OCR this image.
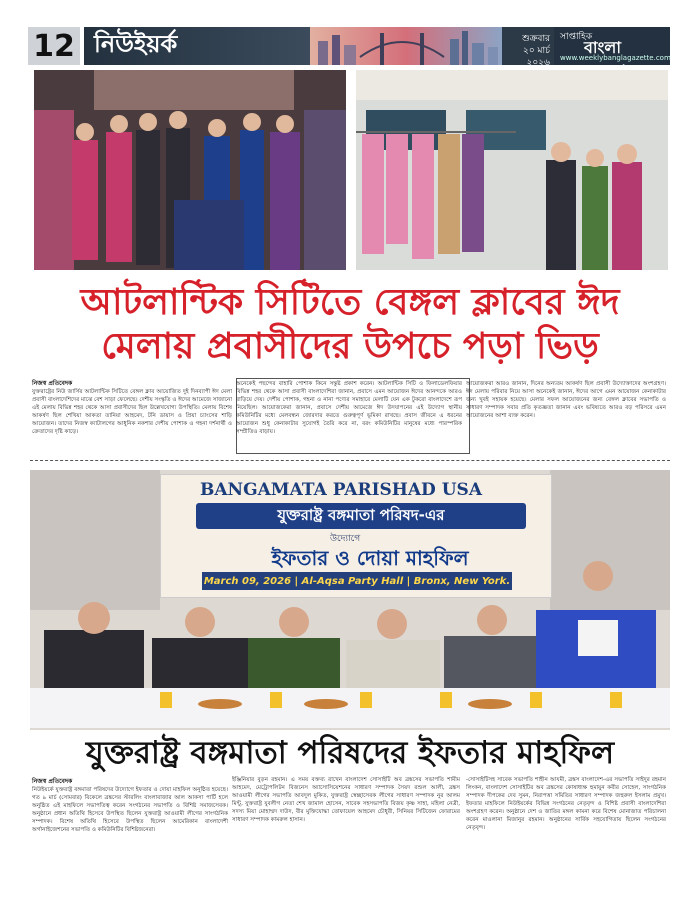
12 নিউইয়র্ক	শুক্রবার
২০ মার্চ ২০২৬
সাপ্তাহিক
বাংলা
www.weeklybanglagazette.com
আটলান্টিক সিটিতে বেঙ্গল ক্লাবের ঈদ
মেলায় প্রবাসীদের উপচে পড়া ভিড়
নিজস্ব প্রতিবেদক
যুক্তরাষ্ট্রের নিউ জার্সির আটলান্টিক সিটিতে বেঙ্গল ক্লাব আয়োজিত দুই দিনব্যাপী ঈদ মেলা প্রবাসী বাংলাদেশিদের মাঝে বেশ সাড়া ফেলেছে। দেশীয় সংস্কৃতি ও ঈদের আমেজে সাজানো এই মেলায় বিভিন্ন শহর থেকে আসা প্রবাসীদের ছিল উল্লেখযোগ্য উপস্থিতি। মেলায় বিশেষ আকর্ষণ ছিল শেখিয়া আকতা তানিয়া আহমেদ, টনি ডায়াস ও প্রিয়া চ্যাংসের শাড়ি আয়োজন। তাদের নিজস্ব ক্যাটালগের আধুনিক নকশার দেশীয় পোশাক ও গহনা দর্শনার্থী ও ক্রেতাদের দৃষ্টি কাড়ে।
অনেকেই পছন্দের বাহারি পোশাক কিনে সন্তুষ্ট প্রকাশ করেন। আটলান্টিক সিটি ও ফিলাডেলফিয়ার বিভিন্ন শহর থেকে আসা প্রবাসী বাংলাদেশিরা জানান, প্রবাসে এমন আয়োজন ঈদের আনন্দকে আরও বাড়িয়ে দেয়। দেশীয় পোশাক, গহনা ও নানা পণ্যের সমাহারে মেলাটি যেন এক টুকরো বাংলাদেশে রূপ নিয়েছিল। আয়োজকেরা জানান, প্রবাসে দেশীয় আমেজে ঈদ উদযাপনের এই উদ্যোগ স্থানীয় কমিউনিটির মধ্যে মেলবন্ধন জোরদার করতে গুরুত্বপূর্ণ ভূমিকা রাখছে। প্রবাস জীবনে এ ধরনের আয়োজন শুধু কেনাকাটার সুযোগই তৈরি করে না, বরং কমিউনিটির মানুষের মধ্যে পারস্পরিক সম্প্রীতিও বাড়ায়।
আয়োজকরা আরও জানান, দিনের অন্যতম আকর্ষণ ছিল প্রবাসী উদ্যোক্তাদের অংশগ্রহণ। ঈদ মেলায় পরিবার নিয়ে আসা অনেকেই জানান, ঈদের আগে এমন আয়োজন কেনাকাটার জন্য খুবই সহায়ক হয়েছে। মেলার সফল আয়োজনের জন্য বেঙ্গল ক্লাবের সভাপতি ও সাধারণ সম্পাদক সবার প্রতি কৃতজ্ঞতা জানান এবং ভবিষ্যতে আরও বড় পরিসরে এমন আয়োজনের আশা ব্যক্ত করেন।
BANGAMATA PARISHAD USA
যুক্তরাষ্ট্র বঙ্গমাতা পরিষদ-এর
উদ্যোগে
ইফতার ও দোয়া মাহফিল
March 09, 2026 | Al-Aqsa Party Hall | Bronx, New York.
যুক্তরাষ্ট্র বঙ্গমাতা পরিষদের ইফতার মাহফিল
নিজস্ব প্রতিবেদক
নিউইয়র্কে যুক্তরাষ্ট্র বঙ্গমাতা পরিষদের উদ্যোগে ইফতার ও দোয়া মাহফিল অনুষ্ঠিত হয়েছে। গত ৯ মার্চ (সোমবার) বিকেলে ব্রঙ্কসের স্টারলিং বাংলাবাজার আল আকসা পার্টি হলে অনুষ্ঠিত এই মাহফিলে সভাপতিত্ব করেন সংগঠনের সভাপতি ও বিশিষ্ট সমাজসেবক। অনুষ্ঠানে প্রধান অতিথি হিসেবে উপস্থিত ছিলেন যুক্তরাষ্ট্র আওয়ামী লীগের সাংগঠনিক সম্পাদক। বিশেষ অতিথি হিসেবে উপস্থিত ছিলেন আমেরিকান বাংলাদেশী অর্গানাইজেশনের সভাপতি ও কমিউনিটির বিশিষ্টজনেরা।
ইঞ্জিনিয়ার বুড়ন রহমান। এ সময় বক্তব্য রাখেন বাংলাদেশ সোসাইটি অব ব্রঙ্কসের সভাপতি শামীম আহমেদ, মেট্রোপলিটন বিজনেস অ্যাসোসিয়েশনের সাধারণ সম্পাদক সৈয়দ রশুল আলী, ব্রঙ্কস আওয়ামী লীগের সভাপতি আবদুল মুকিত, যুক্তরাষ্ট্র স্বেচ্ছাসেবক লীগের সাধারণ সম্পাদক নুর আলম মিন্টু, যুক্তরাষ্ট্র যুবলীগ নেতা শেখ জামাল হোসেন, সাবেক সহসভাপতি বিজয় কৃষ্ণ সাহা, মহিলা নেত্রী, সদস্য মিয়া মোহাম্মদ দাউদ, বীর মুক্তিযোদ্ধা তোফায়েল আহমেদ চৌধুরী, সিনিয়র সিটিজেন ফোরামের সাধারণ সম্পাদক কামরুল হাসান।
-সোসাইটিসহ সাবেক সভাপতি শাহীন আযমী, ব্রঙ্কস বাংলাদেশ-এর সভাপতি সাইদুর রহমান লিংকন, বাংলাদেশ সোসাইটির অব ব্রঙ্কসের কোষাধ্যক্ষ হুমায়ুন কবীর সোহেল, সাংগঠনিক সম্পাদক দীপকের দেব সুমন, নিরাপত্তা সমিতির সাধারণ সম্পাদক জহুরুল ইসলাম প্রমুখ। ইফতার মাহফিলে নিউইয়র্কের বিভিন্ন সংগঠনের নেতৃবৃন্দ ও বিশিষ্ট প্রবাসী বাংলাদেশিরা অংশগ্রহণ করেন। অনুষ্ঠানে দেশ ও জাতির মঙ্গল কামনা করে বিশেষ মোনাজাত পরিচালনা করেন মাওলানা মিজানুর রহমান। অনুষ্ঠানের সার্বিক সহযোগিতায় ছিলেন সংগঠনের নেতৃবৃন্দ।
